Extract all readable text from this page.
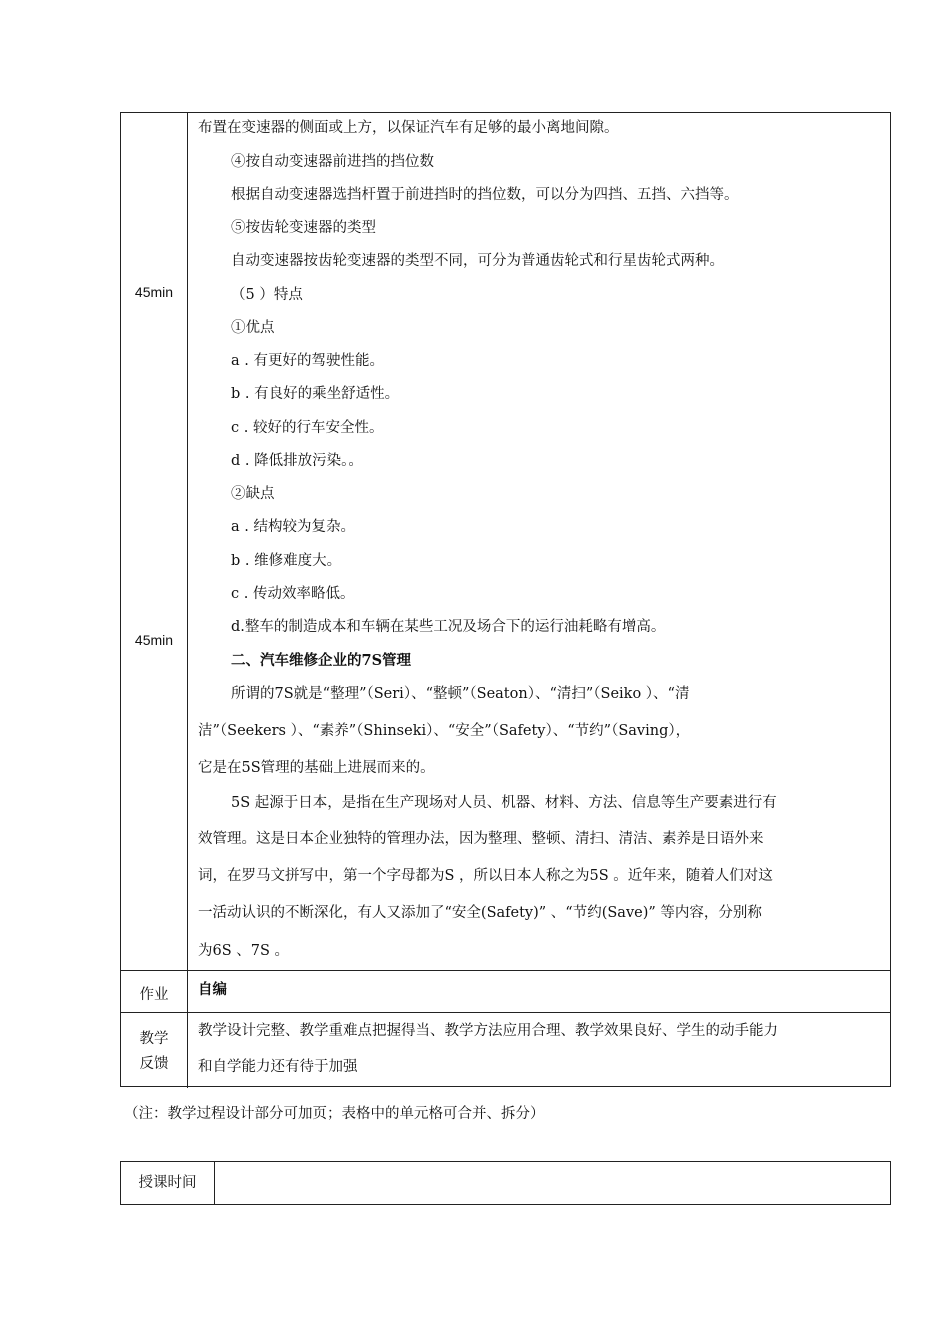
45min
45min
布置在变速器的侧面或上方，以保证汽车有足够的最小离地间隙。
④按自动变速器前进挡的挡位数
根据自动变速器选挡杆置于前进挡时的挡位数，可以分为四挡、五挡、六挡等。
⑤按齿轮变速器的类型
自动变速器按齿轮变速器的类型不同，可分为普通齿轮式和行星齿轮式两种。
（5 ）特点
①优点
a . 有更好的驾驶性能。
b . 有良好的乘坐舒适性。
c . 较好的行车安全性。
d . 降低排放污染。。
②缺点
a . 结构较为复杂。
b . 维修难度大。
c . 传动效率略低。
d.整车的制造成本和车辆在某些工况及场合下的运行油耗略有增高。
二、汽车维修企业的7S管理
所谓的7S就是“整理”（Seri）、“整顿”（Seaton）、“清扫”（Seiko ）、“清
洁”（Seekers ）、“素养”（Shinseki）、“安全”（Safety）、“节约”（Saving），
它是在5S管理的基础上进展而来的。
5S 起源于日本，是指在生产现场对人员、机器、材料、方法、信息等生产要素进行有
效管理。这是日本企业独特的管理办法，因为整理、整顿、清扫、清洁、素养是日语外来
词，在罗马文拼写中，第一个字母都为S ，所以日本人称之为5S 。近年来，随着人们对这
一活动认识的不断深化，有人又添加了“安全(Safety)” 、“节约(Save)” 等内容，分别称
为6S 、7S 。
作业	自编
教学
反馈
教学设计完整、教学重难点把握得当、教学方法应用合理、教学效果良好、学生的动手能力
和自学能力还有待于加强
（注：教学过程设计部分可加页；表格中的单元格可合并、拆分）
授课时间
